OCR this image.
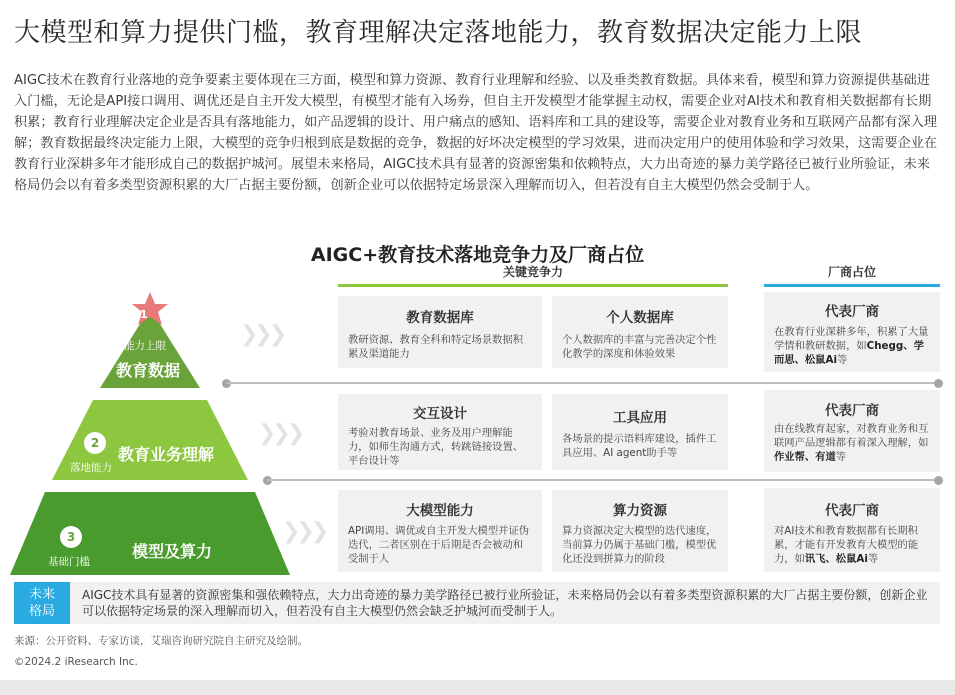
大模型和算力提供门槛，教育理解决定落地能力，教育数据决定能力上限
AIGC技术在教育行业落地的竞争要素主要体现在三方面，模型和算力资源、教育行业理解和经验、以及垂类教育数据。具体来看，模型和算力资源提供基础进入门槛，无论是API接口调用、调优还是自主开发大模型，有模型才能有入场券，但自主开发模型才能掌握主动权，需要企业对AI技术和教育相关数据都有长期积累；教育行业理解决定企业是否具有落地能力，如产品逻辑的设计、用户痛点的感知、语料库和工具的建设等，需要企业对教育业务和互联网产品都有深入理解；教育数据最终决定能力上限，大模型的竞争归根到底是数据的竞争，数据的好坏决定模型的学习效果，进而决定用户的使用体验和学习效果，这需要企业在教育行业深耕多年才能形成自己的数据护城河。展望未来格局，AIGC技术具有显著的资源密集和依赖特点，大力出奇迹的暴力美学路径已被行业所验证，未来格局仍会以有着多类型资源积累的大厂占据主要份额，创新企业可以依据特定场景深入理解而切入，但若没有自主大模型仍然会受制于人。
AIGC+教育技术落地竞争力及厂商占位
关键竞争力	厂商占位
1
能力上限
教育数据
2
落地能力
教育业务理解
3
基础门槛
模型及算力
❯❯❯
❯❯❯
❯❯❯
教育数据库
教研资源、教育全科和特定场景数据积累及渠道能力
个人数据库
个人数据库的丰富与完善决定个性化教学的深度和体验效果
代表厂商
在教育行业深耕多年，积累了大量学情和教研数据，如Chegg、学而思、松鼠Ai等
交互设计
考验对教育场景、业务及用户理解能力，如师生沟通方式，转跳链接设置、平台设计等
工具应用
各场景的提示语料库建设，插件工具应用、AI agent助手等
代表厂商
由在线教育起家，对教育业务和互联网产品逻辑都有着深入理解，如作业帮、有道等
大模型能力
API调用、调优或自主开发大模型并证伪迭代，二者区别在于后期是否会被动和受制于人
算力资源
算力资源决定大模型的迭代速度，当前算力仍属于基础门槛，模型优化还没到拼算力的阶段
代表厂商
对AI技术和教育数据都有长期积累，才能有开发教育大模型的能力，如讯飞、松鼠Ai等
未来
格局
AIGC技术具有显著的资源密集和强依赖特点，大力出奇迹的暴力美学路径已被行业所验证，未来格局仍会以有着多类型资源积累的大厂占据主要份额，创新企业可以依据特定场景的深入理解而切入，但若没有自主大模型仍然会缺乏护城河而受制于人。
来源：公开资料、专家访谈，艾瑞咨询研究院自主研究及绘制。
©2024.2 iResearch Inc.
